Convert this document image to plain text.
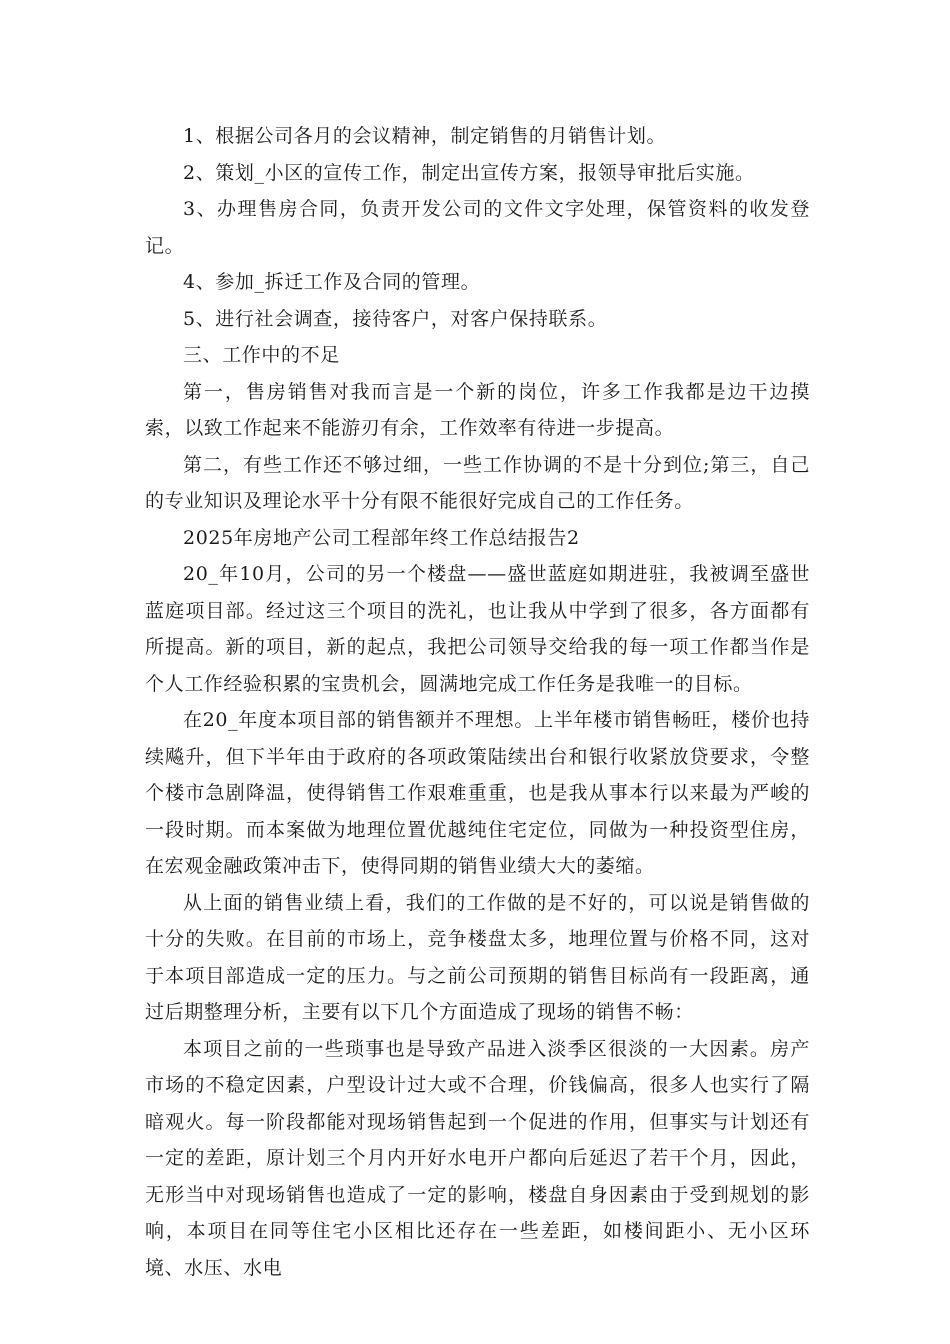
1、根据公司各月的会议精神，制定销售的月销售计划。

2、策划_小区的宣传工作，制定出宣传方案，报领导审批后实施。

3、办理售房合同，负责开发公司的文件文字处理，保管资料的收发登记。

4、参加_拆迁工作及合同的管理。

5、进行社会调查，接待客户，对客户保持联系。

三、工作中的不足

第一，售房销售对我而言是一个新的岗位，许多工作我都是边干边摸索，以致工作起来不能游刃有余，工作效率有待进一步提高。

第二，有些工作还不够过细，一些工作协调的不是十分到位;第三，自己的专业知识及理论水平十分有限不能很好完成自己的工作任务。

2025年房地产公司工程部年终工作总结报告2

20_年10月，公司的另一个楼盘——盛世蓝庭如期进驻，我被调至盛世蓝庭项目部。经过这三个项目的洗礼，也让我从中学到了很多，各方面都有所提高。新的项目，新的起点，我把公司领导交给我的每一项工作都当作是个人工作经验积累的宝贵机会，圆满地完成工作任务是我唯一的目标。

在20_年度本项目部的销售额并不理想。上半年楼市销售畅旺，楼价也持续飚升，但下半年由于政府的各项政策陆续出台和银行收紧放贷要求，令整个楼市急剧降温，使得销售工作艰难重重，也是我从事本行以来最为严峻的一段时期。而本案做为地理位置优越纯住宅定位，同做为一种投资型住房，在宏观金融政策冲击下，使得同期的销售业绩大大的萎缩。

从上面的销售业绩上看，我们的工作做的是不好的，可以说是销售做的十分的失败。在目前的市场上，竞争楼盘太多，地理位置与价格不同，这对于本项目部造成一定的压力。与之前公司预期的销售目标尚有一段距离，通过后期整理分析，主要有以下几个方面造成了现场的销售不畅：

本项目之前的一些琐事也是导致产品进入淡季区很淡的一大因素。房产市场的不稳定因素，户型设计过大或不合理，价钱偏高，很多人也实行了隔暗观火。每一阶段都能对现场销售起到一个促进的作用，但事实与计划还有一定的差距，原计划三个月内开好水电开户都向后延迟了若干个月，因此，无形当中对现场销售也造成了一定的影响，楼盘自身因素由于受到规划的影响，本项目在同等住宅小区相比还存在一些差距，如楼间距小、无小区环境、水压、水电
